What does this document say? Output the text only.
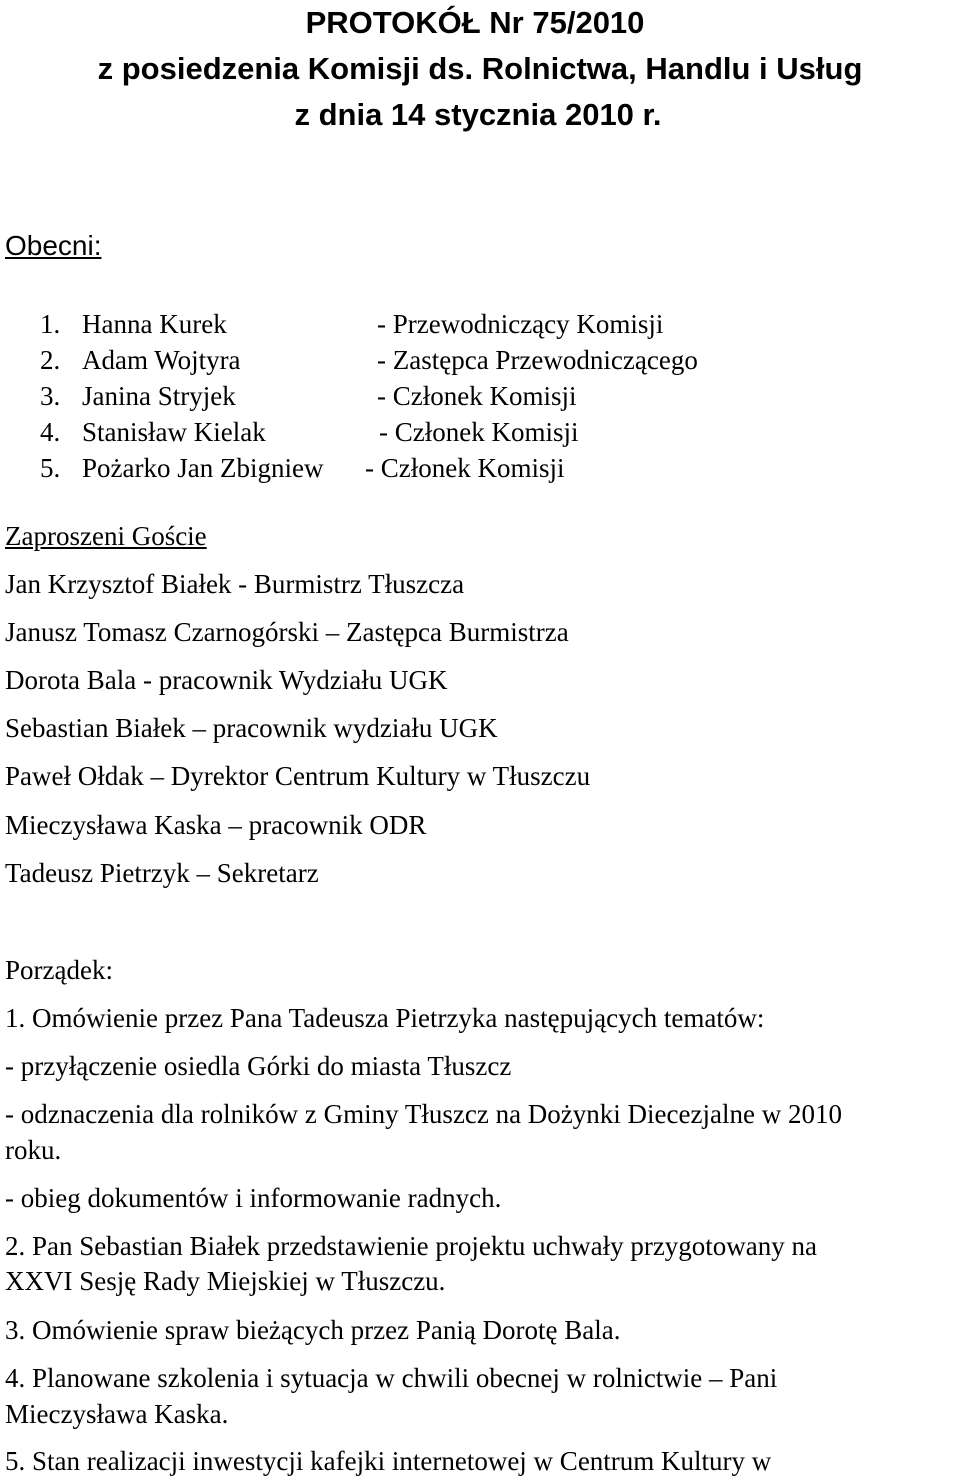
PROTOKÓŁ Nr 75/2010
z posiedzenia Komisji ds. Rolnictwa, Handlu i Usług
z dnia 14 stycznia 2010 r.
Obecni:
1. Hanna Kurek	- Przewodniczący Komisji
2. Adam Wojtyra	- Zastępca Przewodniczącego
3. Janina Stryjek	- Członek Komisji
4. Stanisław Kielak	- Członek Komisji
5. Pożarko Jan Zbigniew - Członek Komisji
Zaproszeni Goście
Jan Krzysztof Białek - Burmistrz Tłuszcza
Janusz Tomasz Czarnogórski – Zastępca Burmistrza
Dorota Bala - pracownik Wydziału UGK
Sebastian Białek – pracownik wydziału UGK
Paweł Ołdak – Dyrektor Centrum Kultury w Tłuszczu
Mieczysława Kaska – pracownik ODR
Tadeusz Pietrzyk – Sekretarz
Porządek:
1. Omówienie przez Pana Tadeusza Pietrzyka następujących tematów:
- przyłączenie osiedla Górki do miasta Tłuszcz
- odznaczenia dla rolników z Gminy Tłuszcz na Dożynki Diecezjalne w 2010
roku.
- obieg dokumentów i informowanie radnych.
2. Pan Sebastian Białek przedstawienie projektu uchwały przygotowany na
XXVI Sesję Rady Miejskiej w Tłuszczu.
3. Omówienie spraw bieżących przez Panią Dorotę Bala.
4. Planowane szkolenia i sytuacja w chwili obecnej w rolnictwie – Pani
Mieczysława Kaska.
5. Stan realizacji inwestycji kafejki internetowej w Centrum Kultury w
